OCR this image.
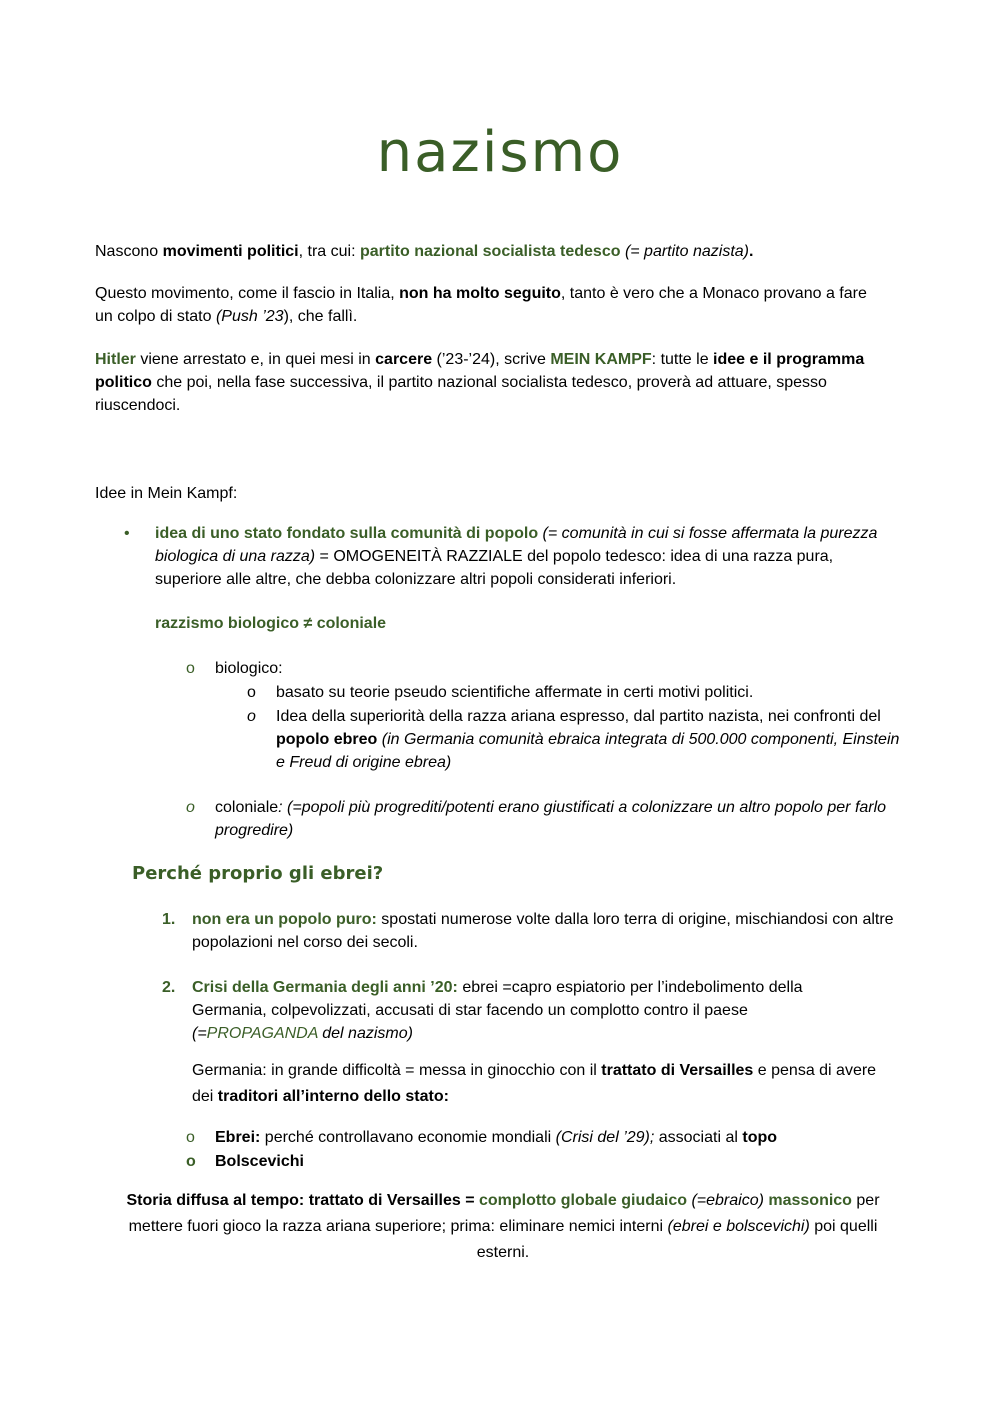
nazismo

Nascono movimenti politici, tra cui: partito nazional socialista tedesco (= partito nazista).

Questo movimento, come il fascio in Italia, non ha molto seguito, tanto è vero che a Monaco provano a fare un colpo di stato (Push ’23), che fallì.

Hitler viene arrestato e, in quei mesi in carcere (’23-’24), scrive MEIN KAMPF: tutte le idee e il programma politico che poi, nella fase successiva, il partito nazional socialista tedesco, proverà ad attuare, spesso riuscendoci.

Idee in Mein Kampf:

• idea di uno stato fondato sulla comunità di popolo (= comunità in cui si fosse affermata la purezza biologica di una razza) = OMOGENEITÀ RAZZIALE del popolo tedesco: idea di una razza pura, superiore alle altre, che debba colonizzare altri popoli considerati inferiori.

razzismo biologico ≠ coloniale

o biologico:

o basato su teorie pseudo scientifiche affermate in certi motivi politici.

o Idea della superiorità della razza ariana espresso, dal partito nazista, nei confronti del popolo ebreo (in Germania comunità ebraica integrata di 500.000 componenti, Einstein e Freud di origine ebrea)

o coloniale: (=popoli più progrediti/potenti erano giustificati a colonizzare un altro popolo per farlo progredire)

Perché proprio gli ebrei?
1. non era un popolo puro: spostati numerose volte dalla loro terra di origine, mischiandosi con altre popolazioni nel corso dei secoli.

2. Crisi della Germania degli anni ’20: ebrei =capro espiatorio per l’indebolimento della Germania, colpevolizzati, accusati di star facendo un complotto contro il paese (=PROPAGANDA del nazismo)

Germania: in grande difficoltà = messa in ginocchio con il trattato di Versailles e pensa di avere dei traditori all’interno dello stato:

o Ebrei: perché controllavano economie mondiali (Crisi del ’29); associati al topo

o Bolscevichi

Storia diffusa al tempo: trattato di Versailles = complotto globale giudaico (=ebraico) massonico per mettere fuori gioco la razza ariana superiore; prima: eliminare nemici interni (ebrei e bolscevichi) poi quelli esterni.
